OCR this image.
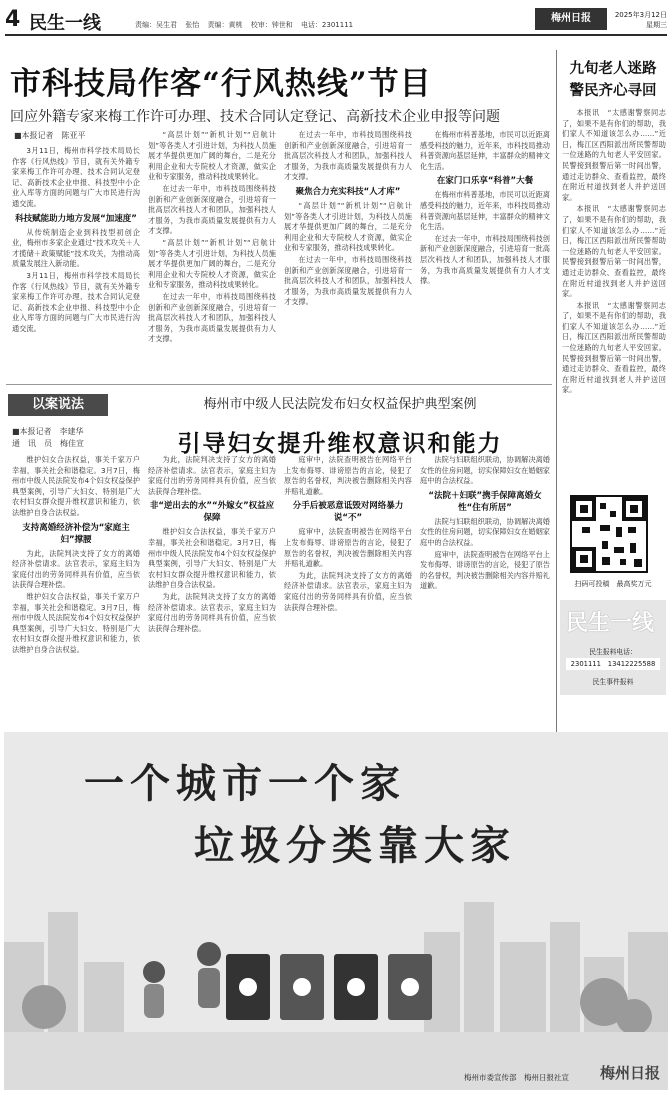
4 民生一线	责编：吴生君 张怡 责编：黄桃 校审：钟世和 电话：2301111
梅州日报	2025年3月12日
星期三
市科技局作客“行风热线”节目
回应外籍专家来梅工作许可办理、技术合同认定登记、高新技术企业申报等问题
■本报记者　陈亚平

3月11日，梅州市科学技术局局长作客《行风热线》节目，就有关外籍专家来梅工作许可办理、技术合同认定登记、高新技术企业申报、科技型中小企业入库等方面的问题与广大市民进行沟通交流。

科技赋能助力地方发展“加速度”

从传统制造企业到科技型初创企业，梅州市多家企业通过“技术攻关＋人才揽储＋政策赋能”技术攻关，为推动高质量发展注入新动能。

3月11日，梅州市科学技术局局长作客《行风热线》节目，就有关外籍专家来梅工作许可办理、技术合同认定登记、高新技术企业申报、科技型中小企业入库等方面的问题与广大市民进行沟通交流。

“高层计划”“新机计划”“启航计划”等各类人才引进计划，为科技人员施展才华提供更加广阔的舞台，二是充分利用企业和大专院校人才资源，做实企业和专家服务，推动科技成果转化。

在过去一年中，市科技局围绕科技创新和产业创新深度融合，引进培育一批高层次科技人才和团队，加强科技人才服务，为我市高质量发展提供有力人才支撑。

“高层计划”“新机计划”“启航计划”等各类人才引进计划，为科技人员施展才华提供更加广阔的舞台，二是充分利用企业和大专院校人才资源，做实企业和专家服务，推动科技成果转化。

在过去一年中，市科技局围绕科技创新和产业创新深度融合，引进培育一批高层次科技人才和团队，加强科技人才服务，为我市高质量发展提供有力人才支撑。

在过去一年中，市科技局围绕科技创新和产业创新深度融合，引进培育一批高层次科技人才和团队，加强科技人才服务，为我市高质量发展提供有力人才支撑。

聚焦合力充实科技“人才库”

“高层计划”“新机计划”“启航计划”等各类人才引进计划，为科技人员施展才华提供更加广阔的舞台，二是充分利用企业和大专院校人才资源，做实企业和专家服务，推动科技成果转化。

在过去一年中，市科技局围绕科技创新和产业创新深度融合，引进培育一批高层次科技人才和团队，加强科技人才服务，为我市高质量发展提供有力人才支撑。

在梅州市科普基地，市民可以近距离感受科技的魅力，近年来，市科技局推动科普资源向基层延伸，丰富群众的精神文化生活。

在家门口乐享“科普”大餐

在梅州市科普基地，市民可以近距离感受科技的魅力，近年来，市科技局推动科普资源向基层延伸，丰富群众的精神文化生活。

在过去一年中，市科技局围绕科技创新和产业创新深度融合，引进培育一批高层次科技人才和团队，加强科技人才服务，为我市高质量发展提供有力人才支撑。

九旬老人迷路
警民齐心寻回

本报讯　“太感谢警察同志了，如果不是有你们的帮助，我们家人不知道该怎么办……”近日，梅江区西阳派出所民警帮助一位迷路的九旬老人平安回家。民警接到报警后第一时间出警，通过走访群众、查看监控，最终在附近村道找到老人并护送回家。

本报讯　“太感谢警察同志了，如果不是有你们的帮助，我们家人不知道该怎么办……”近日，梅江区西阳派出所民警帮助一位迷路的九旬老人平安回家。民警接到报警后第一时间出警，通过走访群众、查看监控，最终在附近村道找到老人并护送回家。

本报讯　“太感谢警察同志了，如果不是有你们的帮助，我们家人不知道该怎么办……”近日，梅江区西阳派出所民警帮助一位迷路的九旬老人平安回家。民警接到报警后第一时间出警，通过走访群众、查看监控，最终在附近村道找到老人并护送回家。

扫码可投稿　最高奖万元
民生一线
民生报料电话：
2301111　13412225588
民生事件报料
以案说法	梅州市中级人民法院发布妇女权益保护典型案例
引导妇女提升维权意识和能力
■本报记者　李建华
通　讯　员　梅佳宣

维护妇女合法权益，事关千家万户幸福，事关社会和谐稳定。3月7日，梅州市中级人民法院发布4个妇女权益保护典型案例，引导广大妇女、特别是广大农村妇女群众提升维权意识和能力，依法维护自身合法权益。

支持离婚经济补偿为“家庭主妇”撑腰

为此，法院判决支持了女方的离婚经济补偿请求。法官表示，家庭主妇为家庭付出的劳务同样具有价值，应当依法获得合理补偿。

维护妇女合法权益，事关千家万户幸福，事关社会和谐稳定。3月7日，梅州市中级人民法院发布4个妇女权益保护典型案例，引导广大妇女、特别是广大农村妇女群众提升维权意识和能力，依法维护自身合法权益。

为此，法院判决支持了女方的离婚经济补偿请求。法官表示，家庭主妇为家庭付出的劳务同样具有价值，应当依法获得合理补偿。

非“逆出去的水”“外嫁女”权益应保障

维护妇女合法权益，事关千家万户幸福，事关社会和谐稳定。3月7日，梅州市中级人民法院发布4个妇女权益保护典型案例，引导广大妇女、特别是广大农村妇女群众提升维权意识和能力，依法维护自身合法权益。

为此，法院判决支持了女方的离婚经济补偿请求。法官表示，家庭主妇为家庭付出的劳务同样具有价值，应当依法获得合理补偿。

庭审中，法院查明被告在网络平台上发布侮辱、诽谤原告的言论，侵犯了原告的名誉权，判决被告删除相关内容并赔礼道歉。

分手后被恶意诋毁对网络暴力说“不”

庭审中，法院查明被告在网络平台上发布侮辱、诽谤原告的言论，侵犯了原告的名誉权，判决被告删除相关内容并赔礼道歉。

为此，法院判决支持了女方的离婚经济补偿请求。法官表示，家庭主妇为家庭付出的劳务同样具有价值，应当依法获得合理补偿。

法院与妇联组织联动，协调解决离婚女性的住房问题，切实保障妇女在婚姻家庭中的合法权益。

“法院＋妇联”携手保障离婚女性“住有所居”

法院与妇联组织联动，协调解决离婚女性的住房问题，切实保障妇女在婚姻家庭中的合法权益。

庭审中，法院查明被告在网络平台上发布侮辱、诽谤原告的言论，侵犯了原告的名誉权，判决被告删除相关内容并赔礼道歉。

一个城市一个家
垃圾分类靠大家
梅州市委宣传部　梅州日报社宣 梅州日报
